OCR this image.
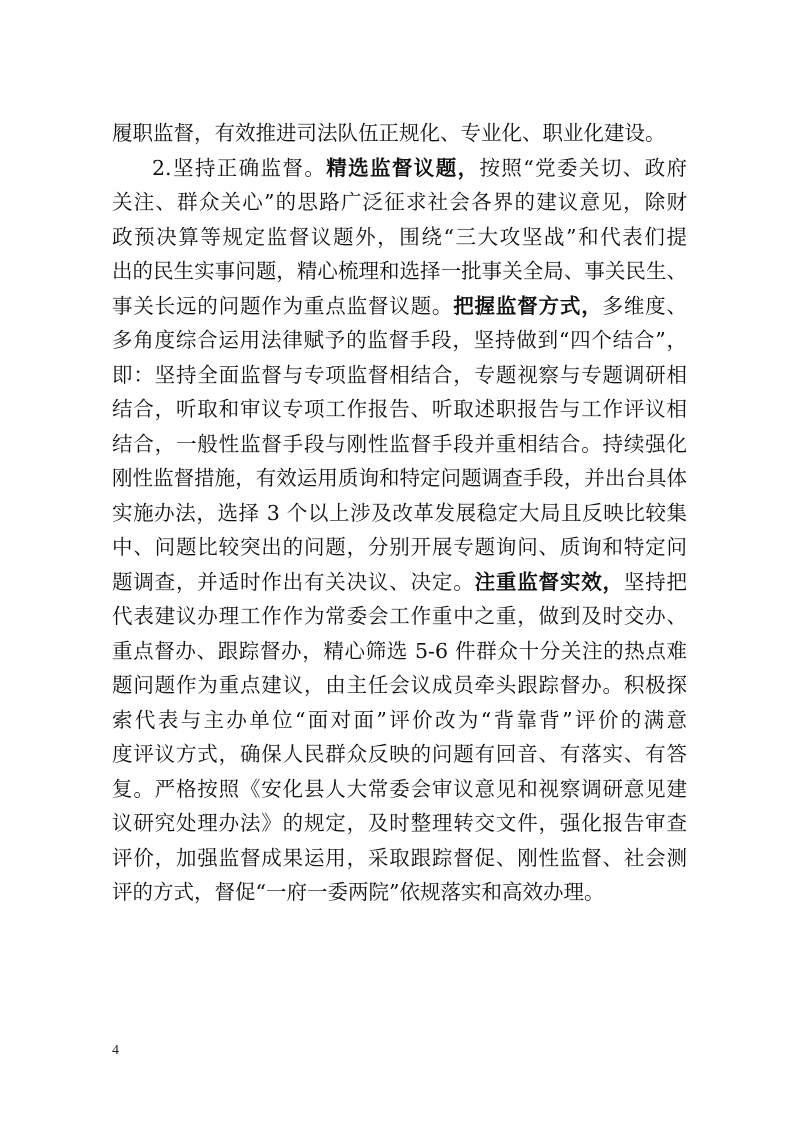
履职监督，有效推进司法队伍正规化、专业化、职业化建设。
2.坚持正确监督。精选监督议题，按照“党委关切、政府
关注、群众关心”的思路广泛征求社会各界的建议意见，除财
政预决算等规定监督议题外，围绕“三大攻坚战”和代表们提
出的民生实事问题，精心梳理和选择一批事关全局、事关民生、
事关长远的问题作为重点监督议题。把握监督方式，多维度、
多角度综合运用法律赋予的监督手段，坚持做到“四个结合”，
即：坚持全面监督与专项监督相结合，专题视察与专题调研相
结合，听取和审议专项工作报告、听取述职报告与工作评议相
结合，一般性监督手段与刚性监督手段并重相结合。持续强化
刚性监督措施，有效运用质询和特定问题调查手段，并出台具体
实施办法，选择 3 个以上涉及改革发展稳定大局且反映比较集
中、问题比较突出的问题，分别开展专题询问、质询和特定问
题调查，并适时作出有关决议、决定。注重监督实效，坚持把
代表建议办理工作作为常委会工作重中之重，做到及时交办、
重点督办、跟踪督办，精心筛选 5-6 件群众十分关注的热点难
题问题作为重点建议，由主任会议成员牵头跟踪督办。积极探
索代表与主办单位“面对面”评价改为“背靠背”评价的满意
度评议方式，确保人民群众反映的问题有回音、有落实、有答
复。严格按照《安化县人大常委会审议意见和视察调研意见建
议研究处理办法》的规定，及时整理转交文件，强化报告审查
评价，加强监督成果运用，采取跟踪督促、刚性监督、社会测
评的方式，督促“一府一委两院”依规落实和高效办理。
4
